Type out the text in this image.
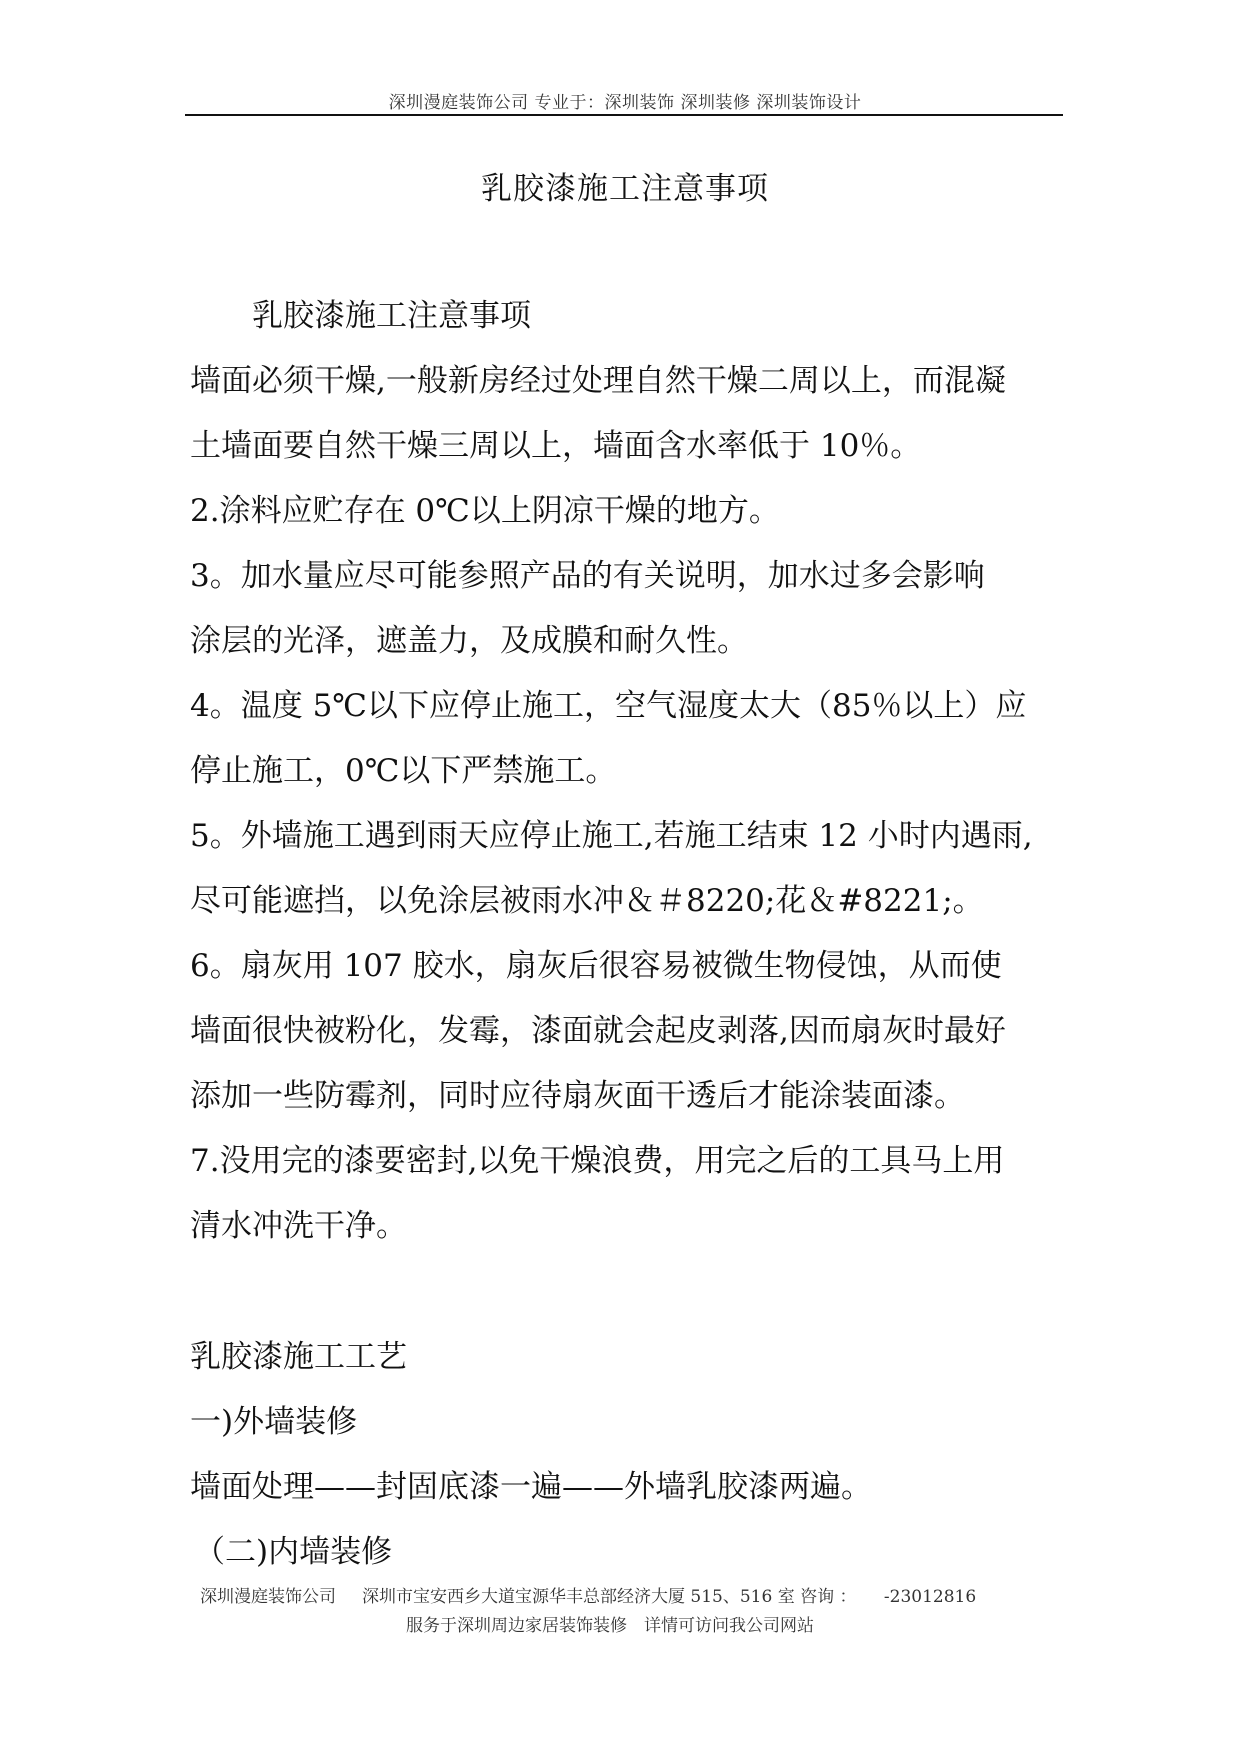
深圳漫庭装饰公司 专业于：深圳装饰 深圳装修 深圳装饰设计
乳胶漆施工注意事项
乳胶漆施工注意事项
墙面必须干燥,一般新房经过处理自然干燥二周以上，而混凝
土墙面要自然干燥三周以上，墙面含水率低于 10％。
2.涂料应贮存在 0℃以上阴凉干燥的地方。
3。加水量应尽可能参照产品的有关说明，加水过多会影响
涂层的光泽，遮盖力，及成膜和耐久性。
4。温度 5℃以下应停止施工，空气湿度太大（85％以上）应
停止施工，0℃以下严禁施工。
5。外墙施工遇到雨天应停止施工,若施工结束 12 小时内遇雨,
尽可能遮挡，以免涂层被雨水冲＆＃8220;花＆#8221;。
6。扇灰用 107 胶水，扇灰后很容易被微生物侵蚀，从而使
墙面很快被粉化，发霉，漆面就会起皮剥落,因而扇灰时最好
添加一些防霉剂，同时应待扇灰面干透后才能涂装面漆。
7.没用完的漆要密封,以免干燥浪费，用完之后的工具马上用
清水冲洗干净。
乳胶漆施工工艺
一)外墙装修
墙面处理——封固底漆一遍——外墙乳胶漆两遍。
（二)内墙装修
深圳漫庭装饰公司 深圳市宝安西乡大道宝源华丰总部经济大厦 515、516 室 咨询 ： -23012816
服务于深圳周边家居装饰装修　详情可访问我公司网站
